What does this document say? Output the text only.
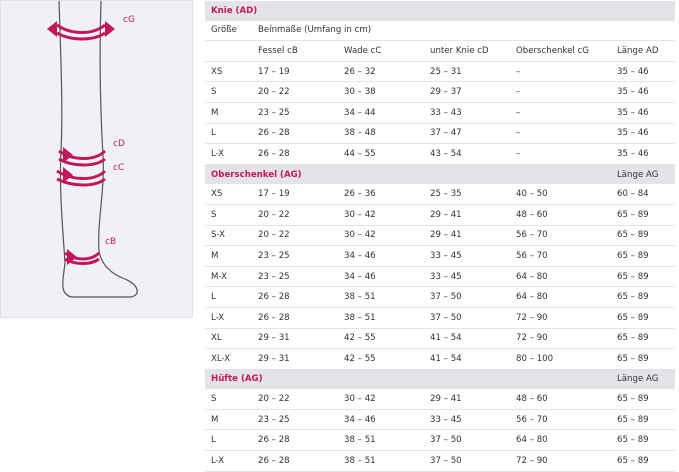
cG
cD
cC
cB
Knie (AD)					
Größe	Beinmaße (Umfang in cm)				
	Fessel cB	Wade cC	unter Knie cD	Oberschenkel cG	Länge AD
XS	17 – 19	26 – 32	25 – 31	–	35 – 46
S	20 – 22	30 – 38	29 – 37	–	35 – 46
M	23 – 25	34 – 44	33 – 43	–	35 – 46
L	26 – 28	38 – 48	37 – 47	–	35 – 46
L-X	26 – 28	44 – 55	43 – 54	–	35 – 46
Oberschenkel (AG)					Länge AG
XS	17 – 19	26 – 36	25 – 35	40 – 50	60 – 84
S	20 – 22	30 – 42	29 – 41	48 – 60	65 – 89
S-X	20 – 22	30 – 42	29 – 41	56 – 70	65 – 89
M	23 – 25	34 – 46	33 – 45	56 – 70	65 – 89
M-X	23 – 25	34 – 46	33 – 45	64 – 80	65 – 89
L	26 – 28	38 – 51	37 – 50	64 – 80	65 – 89
L-X	26 – 28	38 – 51	37 – 50	72 – 90	65 – 89
XL	29 – 31	42 – 55	41 – 54	72 – 90	65 – 89
XL-X	29 – 31	42 – 55	41 – 54	80 – 100	65 – 89
Hüfte (AG)					Länge AG
S	20 – 22	30 – 42	29 – 41	48 – 60	65 – 89
M	23 – 25	34 – 46	33 – 45	56 – 70	65 – 89
L	26 – 28	38 – 51	37 – 50	64 – 80	65 – 89
L-X	26 – 28	38 – 51	37 – 50	72 – 90	65 – 89
